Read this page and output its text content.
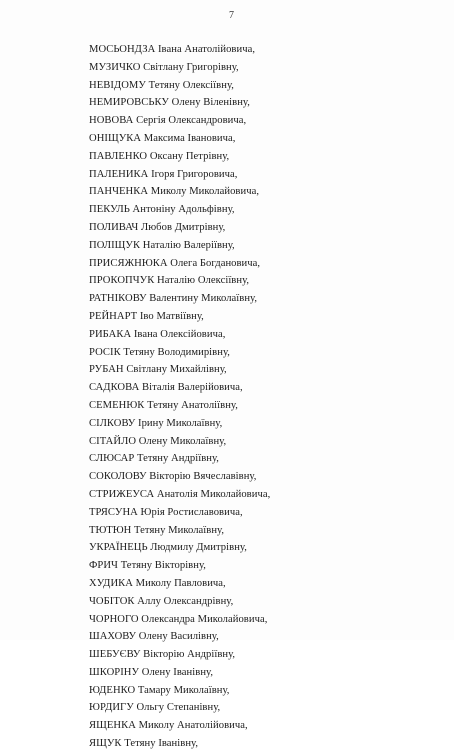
7
МОСЬОНДЗА Івана Анатолійовича,
МУЗИЧКО Світлану Григорівну,
НЕВІДОМУ Тетяну Олексіївну,
НЕМИРОВСЬКУ Олену Віленівну,
НОВОВА Сергія Олександровича,
ОНІЩУКА Максима Івановича,
ПАВЛЕНКО Оксану Петрівну,
ПАЛЕНИКА Ігоря Григоровича,
ПАНЧЕНКА Миколу Миколайовича,
ПЕКУЛЬ Антоніну Адольфівну,
ПОЛИВАЧ Любов Дмитрівну,
ПОЛІЩУК Наталію Валеріївну,
ПРИСЯЖНЮКА Олега Богдановича,
ПРОКОПЧУК Наталію Олексіївну,
РАТНІКОВУ Валентину Миколаївну,
РЕЙНАРТ Іво Матвіївну,
РИБАКА Івана Олексійовича,
РОСІК Тетяну Володимирівну,
РУБАН Світлану Михайлівну,
САДКОВА Віталія Валерійовича,
СЕМЕНЮК Тетяну Анатоліївну,
СІЛКОВУ Ірину Миколаївну,
СІТАЙЛО Олену Миколаївну,
СЛЮСАР Тетяну Андріївну,
СОКОЛОВУ Вікторію Вячеславівну,
СТРИЖЕУСА Анатолія Миколайовича,
ТРЯСУНА Юрія Ростиславовича,
ТЮТЮН Тетяну Миколаївну,
УКРАЇНЕЦЬ Людмилу Дмитрівну,
ФРИЧ Тетяну Вікторівну,
ХУДИКА Миколу Павловича,
ЧОБІТОК Аллу Олександрівну,
ЧОРНОГО Олександра Миколайовича,
ШАХОВУ Олену Василівну,
ШЕБУЄВУ Вікторію Андріївну,
ШКОРІНУ Олену Іванівну,
ЮДЕНКО Тамару Миколаївну,
ЮРДИГУ Ольгу Степанівну,
ЯЩЕНКА Миколу Анатолійовича,
ЯЩУК Тетяну Іванівну,
